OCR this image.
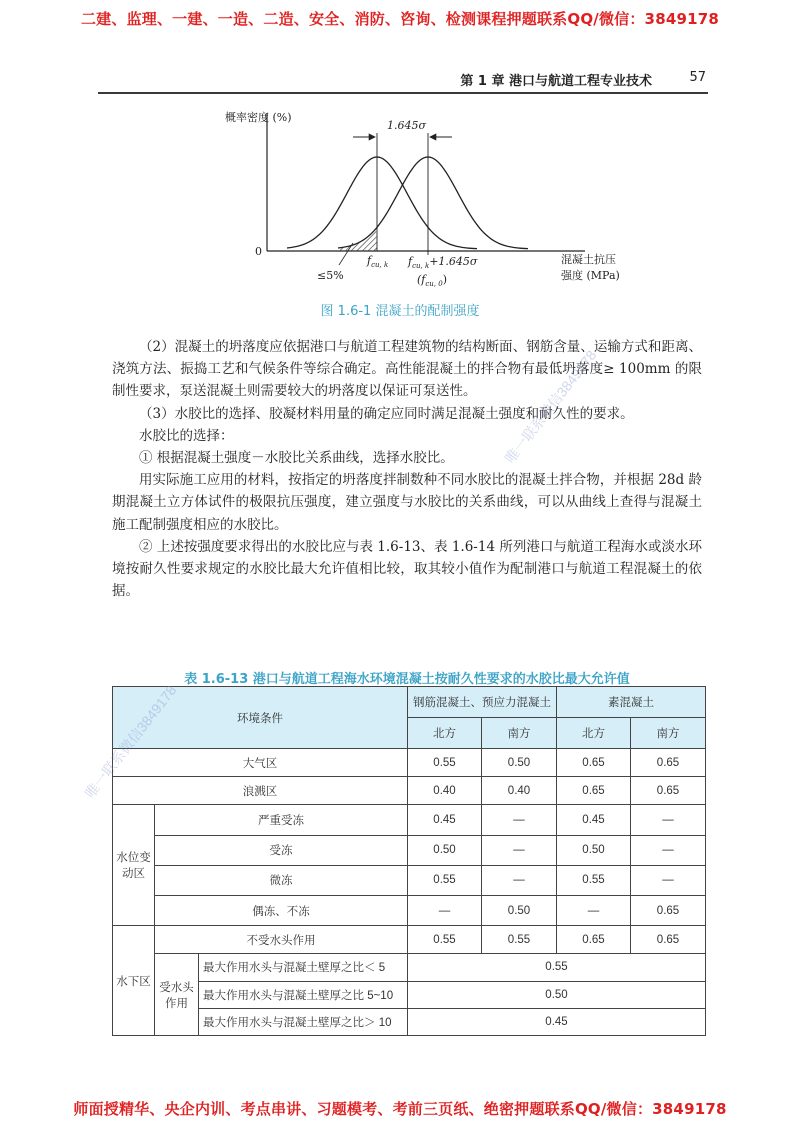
二建、监理、一建、一造、二造、安全、消防、咨询、检测课程押题联系QQ/微信：3849178
第 1 章 港口与航道工程专业技术	57
概率密度 (%)
0
1.645σ
$f_{cu, k}$ $f_{cu, k}+1.645\sigma$
$(f_{cu, 0})$
≤5%
混凝土抗压
强度 (MPa)
图 1.6-1 混凝土的配制强度

（2）混凝土的坍落度应依据港口与航道工程建筑物的结构断面、钢筋含量、运输方式和距离、浇筑方法、振捣工艺和气候条件等综合确定。高性能混凝土的拌合物有最低坍落度≥ 100mm 的限制性要求，泵送混凝土则需要较大的坍落度以保证可泵送性。

（3）水胶比的选择、胶凝材料用量的确定应同时满足混凝土强度和耐久性的要求。

水胶比的选择：

① 根据混凝土强度－水胶比关系曲线，选择水胶比。

用实际施工应用的材料，按指定的坍落度拌制数种不同水胶比的混凝土拌合物，并根据 28d 龄期混凝土立方体试件的极限抗压强度，建立强度与水胶比的关系曲线，可以从曲线上查得与混凝土施工配制强度相应的水胶比。

② 上述按强度要求得出的水胶比应与表 1.6-13、表 1.6-14 所列港口与航道工程海水或淡水环境按耐久性要求规定的水胶比最大允许值相比较，取其较小值作为配制港口与航道工程混凝土的依据。

表 1.6-13 港口与航道工程海水环境混凝土按耐久性要求的水胶比最大允许值
环境条件			钢筋混凝土、预应力混凝土		素混凝土	
			北方	南方	北方	南方
大气区			0.55	0.50	0.65	0.65
浪溅区			0.40	0.40	0.65	0.65
水位变动区	严重受冻		0.45	—	0.45	—
	受冻		0.50	—	0.50	—
	微冻		0.55	—	0.55	—
	偶冻、不冻		—	0.50	—	0.65
水下区	不受水头作用		0.55	0.55	0.65	0.65
	受水头作用	最大作用水头与混凝土壁厚之比＜ 5	0.55			
		最大作用水头与混凝土壁厚之比 5~10	0.50			
		最大作用水头与混凝土壁厚之比＞ 10	0.45			
唯一联系微信3849178
唯一联系微信3849178
师面授精华、央企内训、考点串讲、习题模考、考前三页纸、绝密押题联系QQ/微信：3849178
